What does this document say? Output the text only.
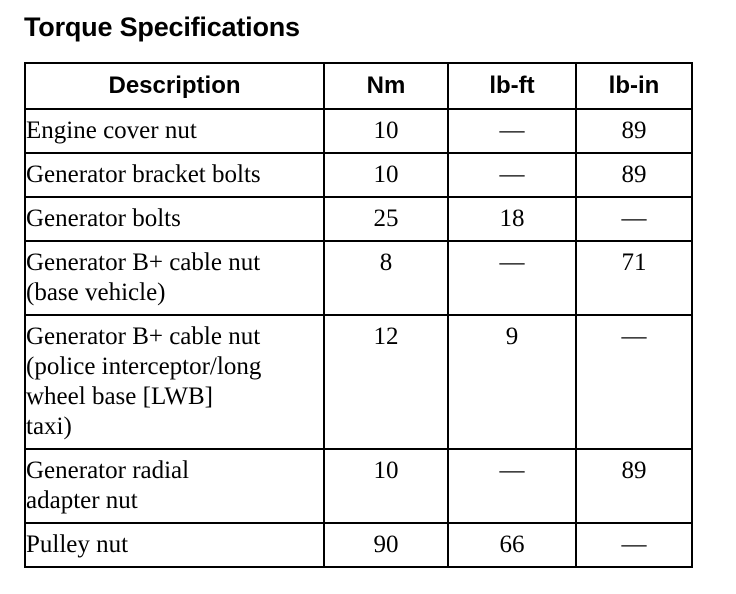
Torque Specifications
Description	Nm	lb-ft	lb-in

Engine cover nut	10	—	89

Generator bracket bolts	10	—	89

Generator bolts	25	18	—

Generator B+ cable nut
(base vehicle)	8	—	71

Generator B+ cable nut
(police interceptor/long
wheel base [LWB]
taxi)	12	9	—

Generator radial
adapter nut	10	—	89

Pulley nut	90	66	—
